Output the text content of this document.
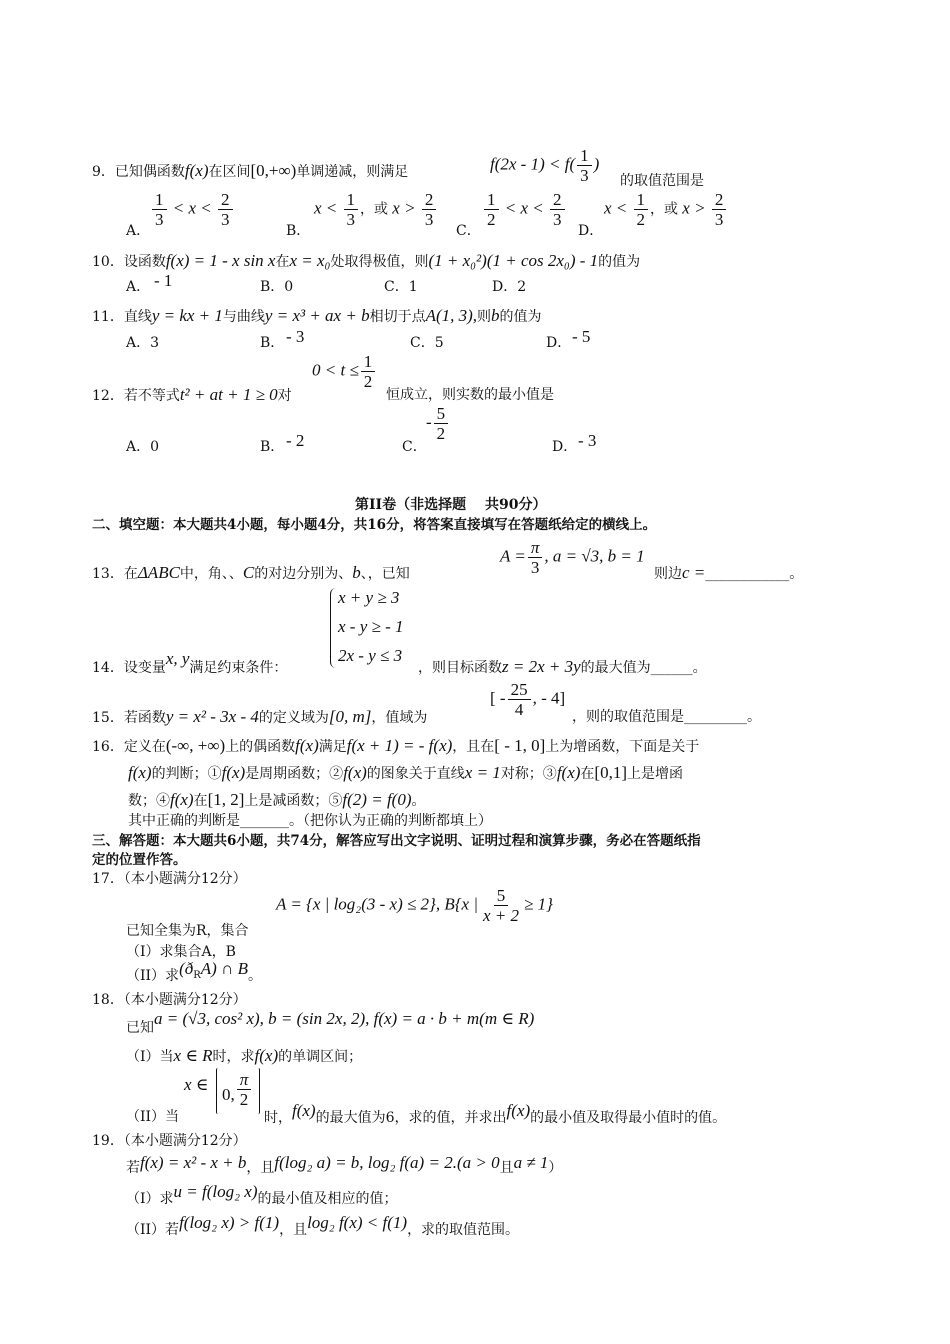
9．已知偶函数f(x)在区间[0,+∞)单调递减，则满足	$f(2x - 1) < f( \frac{1}{3}$ )
的取值范围是
A．
$\frac{1}{3} < x < \frac{2}{3}$
B．
$x < \frac{1}{3}$ ，或 $x > \frac{2}{3}$
C．
$\frac{1}{2} < x < \frac{2}{3}$
D．
$x < \frac{1}{2}$ ，或 $x > \frac{2}{3}$
10．设函数f(x) = 1 - x sin x在x = x₀处取得极值，则(1 + x₀²)(1 + cos 2x₀) - 1的值为
A． - 1	B．0	C．1	D．2
11．直线y = kx + 1与曲线y = x³ + ax + b相切于点A(1, 3),则b的值为
A．3	B． - 3	C．5	D． - 5
12．若不等式t² + at + 1 ≥ 0对
$0 < t \le \frac{1}{2}$
恒成立，则实数的最小值是
A．0	B． - 2	C．
- $\frac{5}{2}$
D． - 3
第II卷（非选择题　 共90分）
二、填空题：本大题共4小题，每小题4分，共16分，将答案直接填写在答题纸给定的横线上。
13．在ΔABC中，角、、C的对边分别为、b、，已知
$A = \frac{\pi}{3}$ , a = √3, b = 1
则边c =____________。
x + y ≥ 3
x - y ≥ - 1
2x - y ≤ 3
14．设变量x, y满足约束条件：	，则目标函数z = 2x + 3y的最大值为______。
15．若函数y = x² - 3x - 4的定义域为[0, m]，值域为
[ - $\frac{25}{4}$ , - 4]
，则的取值范围是_________。
16．定义在(-∞, +∞)上的偶函数f(x)满足f(x + 1) = - f(x)，且在[ - 1, 0]上为增函数，下面是关于
f(x)的判断；①f(x)是周期函数；②f(x)的图象关于直线x = 1对称；③f(x)在[0,1]上是增函
数；④f(x)在[1, 2]上是减函数；⑤f(2) = f(0)。
其中正确的判断是_______。（把你认为正确的判断都填上）
三、解答题：本大题共6小题，共74分，解答应写出文字说明、证明过程和演算步骤，务必在答题纸指
定的位置作答。
17．（本小题满分12分）
A = {x | log₂(3 - x) ≤ 2}, B{x | $\frac{5}{x + 2} \ge 1$}
已知全集为R，集合
（I）求集合A，B
（II）求(ðRA) ∩ B。
18．（本小题满分12分）
已知a = (√3, cos² x), b = (sin 2x, 2), f(x) = a · b + m(m ∈ R)
（I）当x ∈ R时，求f(x)的单调区间；
x ∈ 0, $\frac{\pi}{2}$
（II）当	时，f(x)的最大值为6，求的值，并求出f(x)的最小值及取得最小值时的值。
19．（本小题满分12分）
若f(x) = x² - x + b，且f(log₂ a) = b, log₂ f(a) = 2.(a > 0且a ≠ 1）
（I）求u = f(log₂ x)的最小值及相应的值；
（II）若f(log₂ x) > f(1)，且log₂ f(x) < f(1)，求的取值范围。
